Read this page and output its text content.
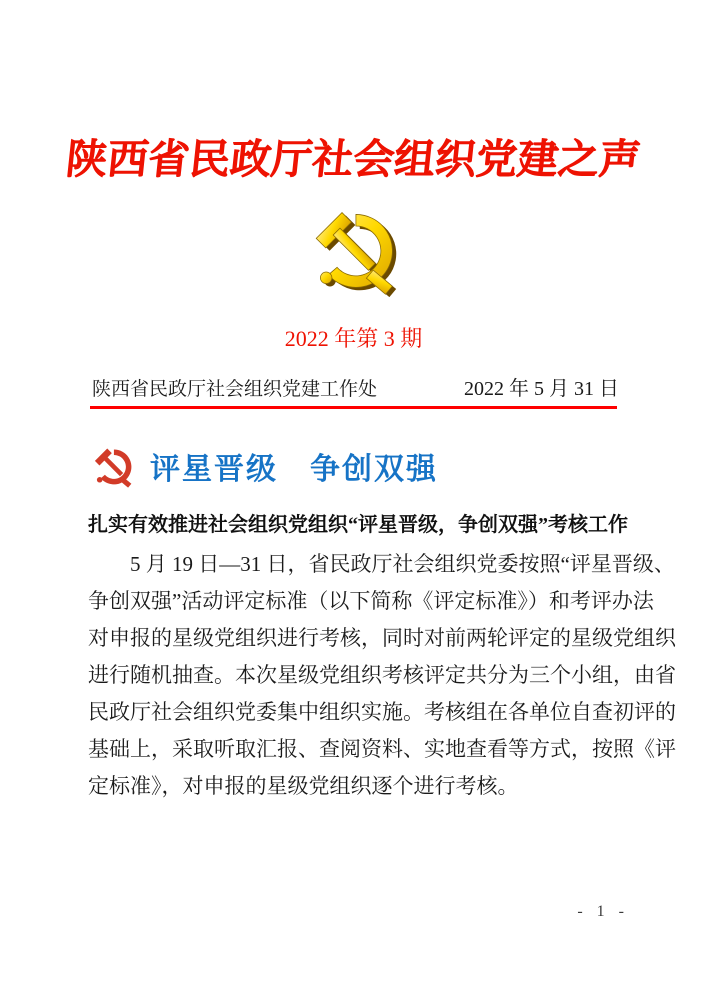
陕西省民政厅社会组织党建之声
2022 年第 3 期
陕西省民政厅社会组织党建工作处	2022 年 5 月 31 日
评星晋级　争创双强
扎实有效推进社会组织党组织“评星晋级，争创双强”考核工作
5 月 19 日—31 日，省民政厅社会组织党委按照“评星晋级、
争创双强”活动评定标准（以下简称《评定标准》）和考评办法
对申报的星级党组织进行考核，同时对前两轮评定的星级党组织
进行随机抽查。本次星级党组织考核评定共分为三个小组，由省
民政厅社会组织党委集中组织实施。考核组在各单位自查初评的
基础上，采取听取汇报、查阅资料、实地查看等方式，按照《评
定标准》，对申报的星级党组织逐个进行考核。
- 1 -
